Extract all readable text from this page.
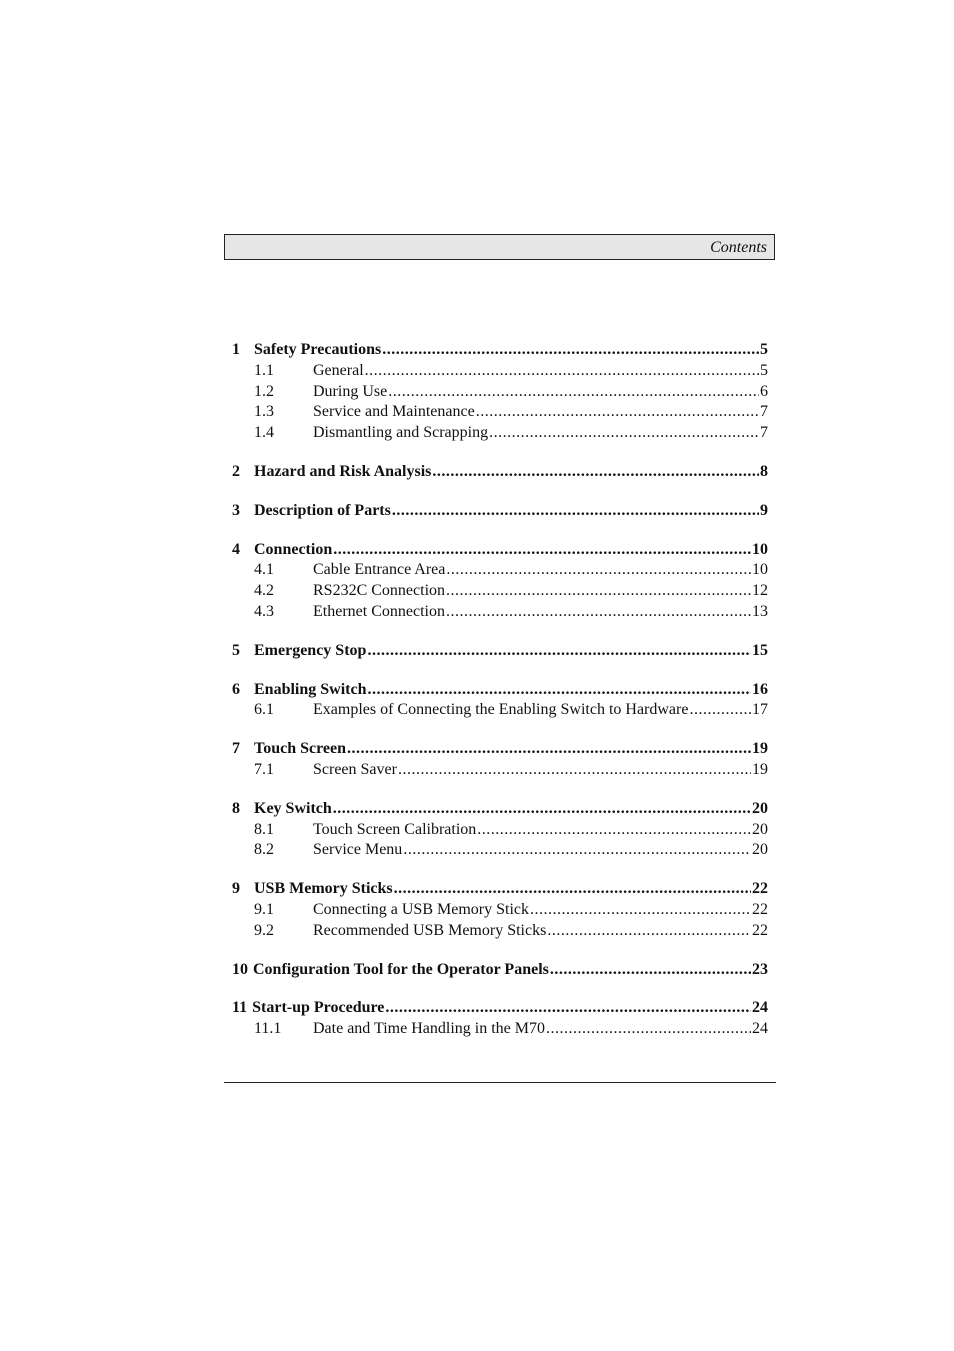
Contents
1 Safety Precautions .....	5
1.1	General .....	5
1.2	During Use .....	6
1.3	Service and Maintenance .....	7
1.4	Dismantling and Scrapping .....	7
2 Hazard and Risk Analysis .....	8
3 Description of Parts .....	9
4 Connection .....	10
4.1	Cable Entrance Area .....	10
4.2	RS232C Connection .....	12
4.3	Ethernet Connection .....	13
5 Emergency Stop .....	15
6 Enabling Switch .....	16
6.1	Examples of Connecting the Enabling Switch to Hardware .....	17
7 Touch Screen .....	19
7.1	Screen Saver .....	19
8 Key Switch .....	20
8.1	Touch Screen Calibration .....	20
8.2	Service Menu .....	20
9 USB Memory Sticks .....	22
9.1	Connecting a USB Memory Stick .....	22
9.2	Recommended USB Memory Sticks .....	22
10 Configuration Tool for the Operator Panels .....	23
11 Start-up Procedure .....	24
11.1	Date and Time Handling in the M70 .....	24
